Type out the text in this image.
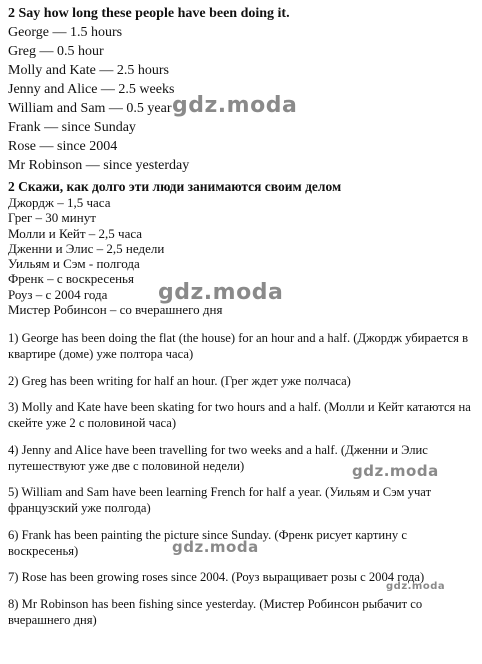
2 Say how long these people have been doing it.

George — 1.5 hours

Greg — 0.5 hour

Molly and Kate — 2.5 hours

Jenny and Alice — 2.5 weeks

William and Sam — 0.5 year

Frank — since Sunday

Rose — since 2004

Mr Robinson — since yesterday

2 Скажи, как долго эти люди занимаются своим делом

Джордж – 1,5 часа

Грег – 30 минут

Молли и Кейт – 2,5 часа

Дженни и Элис – 2,5 недели

Уильям и Сэм - полгода

Френк – с воскресенья

Роуз – с 2004 года

Мистер Робинсон – со вчерашнего дня

1) George has been doing the flat (the house) for an hour and a half. (Джордж убирается в квартире (доме) уже полтора часа)

2) Greg has been writing for half an hour. (Грег ждет уже полчаса)

3) Molly and Kate have been skating for two hours and a half. (Молли и Кейт катаются на скейте уже 2 с половиной часа)

4) Jenny and Alice have been travelling for two weeks and a half. (Дженни и Элис путешествуют уже две с половиной недели)

5) William and Sam have been learning French for half a year. (Уильям и Сэм учат французский уже полгода)

6) Frank has been painting the picture since Sunday. (Френк рисует картину с воскресенья)

7) Rose has been growing roses since 2004. (Роуз выращивает розы с 2004 года)

8) Mr Robinson has been fishing since yesterday. (Мистер Робинсон рыбачит со вчерашнего дня)

gdz.moda
gdz.moda
gdz.moda
gdz.moda
gdz.moda
